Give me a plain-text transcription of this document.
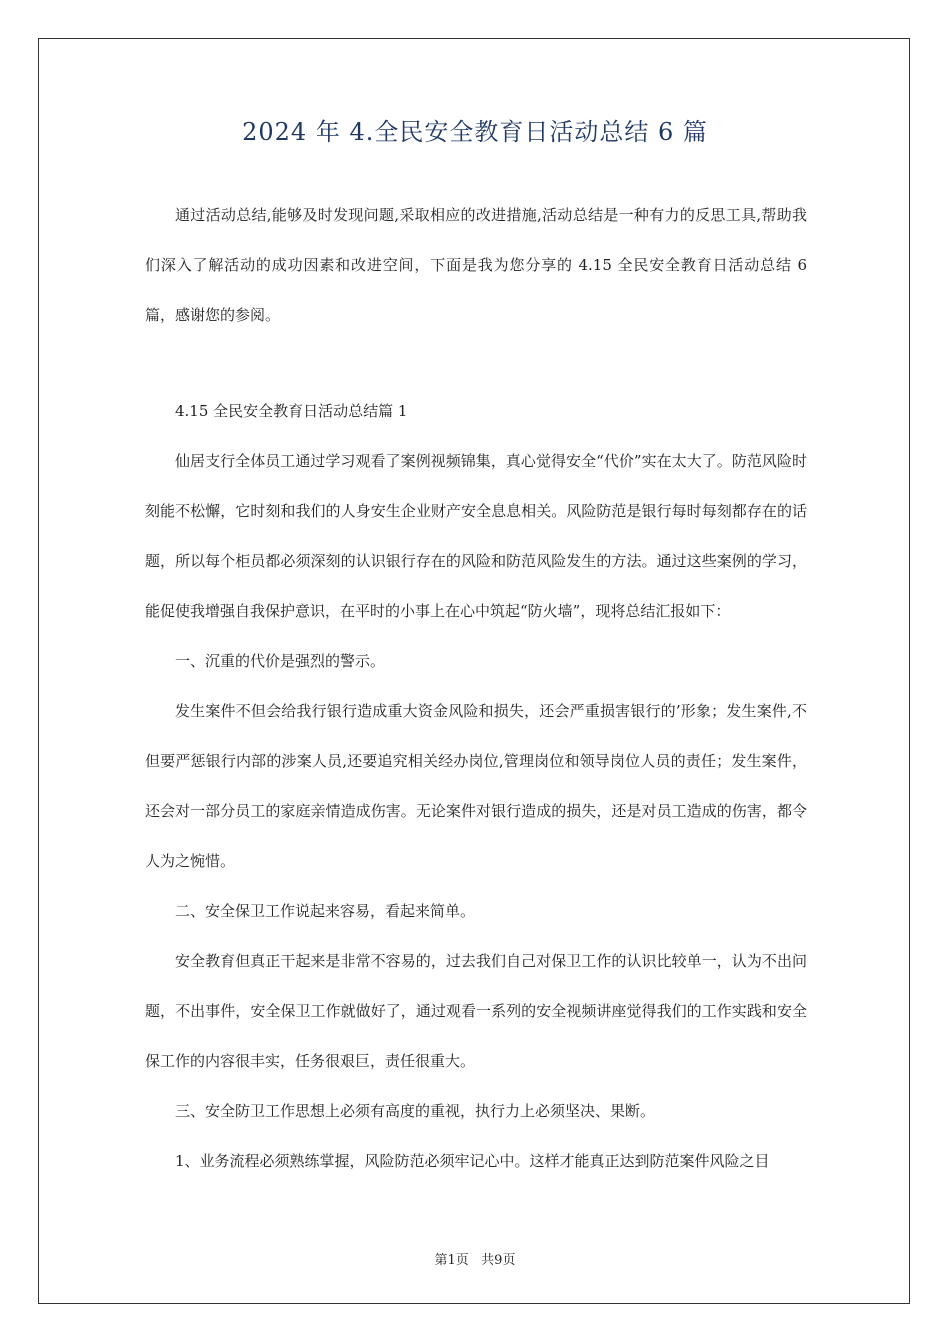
2024 年 4.全民安全教育日活动总结 6 篇

通过活动总结,能够及时发现问题,采取相应的改进措施,活动总结是一种有力的反思工具,帮助我们深入了解活动的成功因素和改进空间，下面是我为您分享的 4.15 全民安全教育日活动总结 6 篇，感谢您的参阅。

4.15 全民安全教育日活动总结篇 1

仙居支行全体员工通过学习观看了案例视频锦集，真心觉得安全“代价”实在太大了。防范风险时刻能不松懈，它时刻和我们的人身安生企业财产安全息息相关。风险防范是银行每时每刻都存在的话题，所以每个柜员都必须深刻的认识银行存在的风险和防范风险发生的方法。通过这些案例的学习，能促使我增强自我保护意识，在平时的小事上在心中筑起“防火墙”，现将总结汇报如下：

一、沉重的代价是强烈的警示。

发生案件不但会给我行银行造成重大资金风险和损失，还会严重损害银行的’形象；发生案件,不但要严惩银行内部的涉案人员,还要追究相关经办岗位,管理岗位和领导岗位人员的责任；发生案件，还会对一部分员工的家庭亲情造成伤害。无论案件对银行造成的损失，还是对员工造成的伤害，都令人为之惋惜。

二、安全保卫工作说起来容易，看起来简单。

安全教育但真正干起来是非常不容易的，过去我们自己对保卫工作的认识比较单一，认为不出问题，不出事件，安全保卫工作就做好了，通过观看一系列的安全视频讲座觉得我们的工作实践和安全保工作的内容很丰实，任务很艰巨，责任很重大。

三、安全防卫工作思想上必须有高度的重视，执行力上必须坚决、果断。

1、业务流程必须熟练掌握，风险防范必须牢记心中。这样才能真正达到防范案件风险之目

第1页   共9页
